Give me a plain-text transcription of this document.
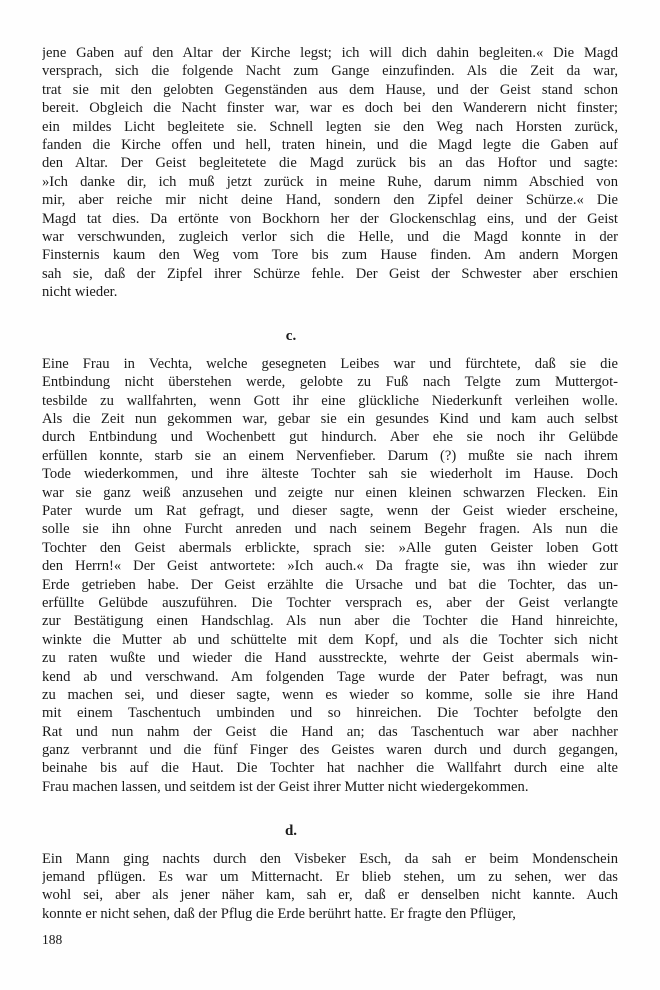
jene Gaben auf den Altar der Kirche legst; ich will dich dahin begleiten.« Die Magd
versprach, sich die folgende Nacht zum Gange einzufinden. Als die Zeit da war,
trat sie mit den gelobten Gegenständen aus dem Hause, und der Geist stand schon
bereit. Obgleich die Nacht finster war, war es doch bei den Wanderern nicht finster;
ein mildes Licht begleitete sie. Schnell legten sie den Weg nach Horsten zurück,
fanden die Kirche offen und hell, traten hinein, und die Magd legte die Gaben auf
den Altar. Der Geist begleitetete die Magd zurück bis an das Hoftor und sagte:
»Ich danke dir, ich muß jetzt zurück in meine Ruhe, darum nimm Abschied von
mir, aber reiche mir nicht deine Hand, sondern den Zipfel deiner Schürze.« Die
Magd tat dies. Da ertönte von Bockhorn her der Glockenschlag eins, und der Geist
war verschwunden, zugleich verlor sich die Helle, und die Magd konnte in der
Finsternis kaum den Weg vom Tore bis zum Hause finden. Am andern Morgen
sah sie, daß der Zipfel ihrer Schürze fehle. Der Geist der Schwester aber erschien
nicht wieder.
c.
Eine Frau in Vechta, welche gesegneten Leibes war und fürchtete, daß sie die
Entbindung nicht überstehen werde, gelobte zu Fuß nach Telgte zum Muttergot-
tesbilde zu wallfahrten, wenn Gott ihr eine glückliche Niederkunft verleihen wolle.
Als die Zeit nun gekommen war, gebar sie ein gesundes Kind und kam auch selbst
durch Entbindung und Wochenbett gut hindurch. Aber ehe sie noch ihr Gelübde
erfüllen konnte, starb sie an einem Nervenfieber. Darum (?) mußte sie nach ihrem
Tode wiederkommen, und ihre älteste Tochter sah sie wiederholt im Hause. Doch
war sie ganz weiß anzusehen und zeigte nur einen kleinen schwarzen Flecken. Ein
Pater wurde um Rat gefragt, und dieser sagte, wenn der Geist wieder erscheine,
solle sie ihn ohne Furcht anreden und nach seinem Begehr fragen. Als nun die
Tochter den Geist abermals erblickte, sprach sie: »Alle guten Geister loben Gott
den Herrn!« Der Geist antwortete: »Ich auch.« Da fragte sie, was ihn wieder zur
Erde getrieben habe. Der Geist erzählte die Ursache und bat die Tochter, das un-
erfüllte Gelübde auszuführen. Die Tochter versprach es, aber der Geist verlangte
zur Bestätigung einen Handschlag. Als nun aber die Tochter die Hand hinreichte,
winkte die Mutter ab und schüttelte mit dem Kopf, und als die Tochter sich nicht
zu raten wußte und wieder die Hand ausstreckte, wehrte der Geist abermals win-
kend ab und verschwand. Am folgenden Tage wurde der Pater befragt, was nun
zu machen sei, und dieser sagte, wenn es wieder so komme, solle sie ihre Hand
mit einem Taschentuch umbinden und so hinreichen. Die Tochter befolgte den
Rat und nun nahm der Geist die Hand an; das Taschentuch war aber nachher
ganz verbrannt und die fünf Finger des Geistes waren durch und durch gegangen,
beinahe bis auf die Haut. Die Tochter hat nachher die Wallfahrt durch eine alte
Frau machen lassen, und seitdem ist der Geist ihrer Mutter nicht wiedergekommen.
d.
Ein Mann ging nachts durch den Visbeker Esch, da sah er beim Mondenschein
jemand pflügen. Es war um Mitternacht. Er blieb stehen, um zu sehen, wer das
wohl sei, aber als jener näher kam, sah er, daß er denselben nicht kannte. Auch
konnte er nicht sehen, daß der Pflug die Erde berührt hatte. Er fragte den Pflüger,
188
